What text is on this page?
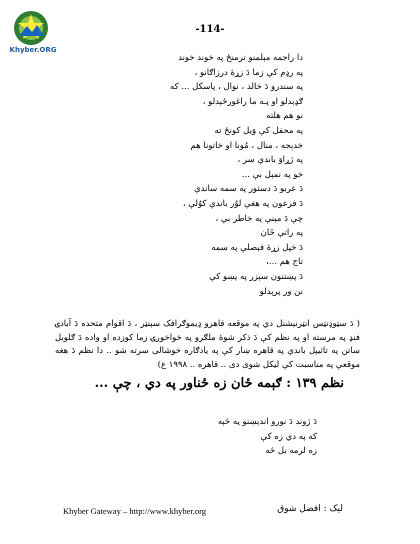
Khyber.ORG
-114-
دا راجمه مېلمنو ترمنځ په خوند خوند
په رډم کې زما دَ زړهٔ درزاګانو ،
په سندرو دَ خالد ، نوال ، پاسکل ... که
ګډېدلو او پـه ما راغورځېدلو ،
نو هم هلته
په محفل کې وَيل کونځ ته
خدېجه ، منال ، مُونا او خاتونا هم
په ژړاوَ باندې سر ،
خو په نمېل بې ...
دَ عربو دَ دستور په سمه ساندې
دَ فرعون په هغې لوُر باندې کوُلې ،
چې دَ مېنې په خاطر بې ،
په راتې خَان
دَ خپل زړهٔ فېصلې په سمه
تاج هم ...،
دَ پښتنون سېزر په پښو کې
نن ور پرېدلو
( دَ سټوډنټس انټرنېشنل دي په موقعه قاهرو ډيموګرافک سېنټر ، دَ اقوام متحده دَ آبادۍ فنډ په مرسته او په نظم کې دَ ذکر شوۀ ملګرو په خواخوږۍ زما کوزده او واده دَ ګلوبل ساتن په تاثيېل باندې په قاهره ښار کې په يادګاره خوشالی سرته شو .. دا نظم دَ هغه موقعې په مناسبت کې ليکل شوی دی .. قاهره .. ۱۹۹۸ ع)
نظم ۱۳۹ : ګېمه ځان زه ځناور په دي ، چې ...
دَ ژوند دَ نورو اندېښنو په څېه
که په دي زه کې
زه لرمه بل څه
Khyber Gateway – http://www.khyber.org	لیک : افضل شوق
